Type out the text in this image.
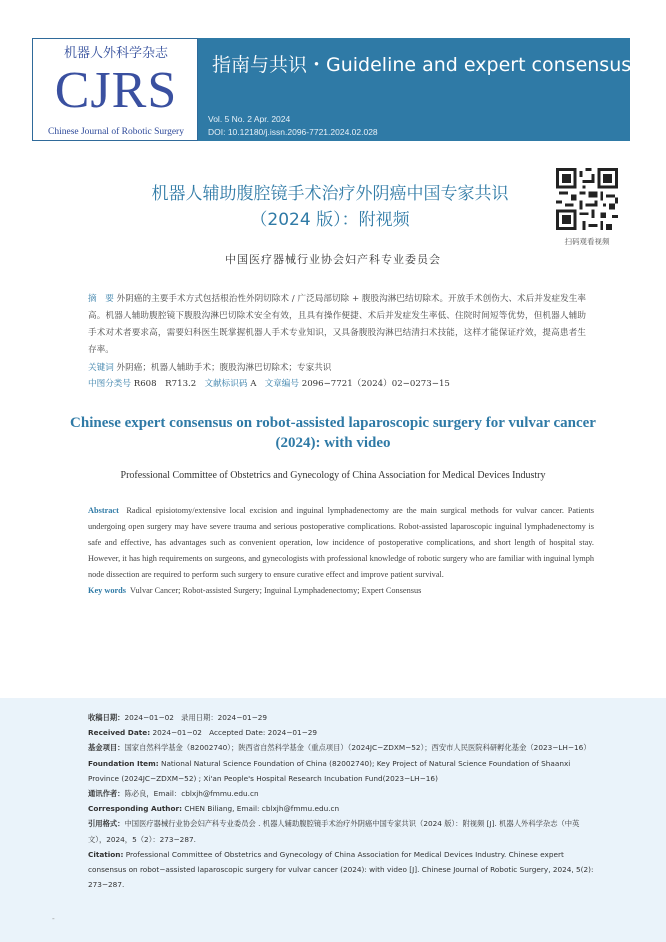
机器人外科学杂志
CJRS
Chinese Journal of Robotic Surgery
指南与共识・Guideline and expert consensus
Vol. 5 No. 2 Apr. 2024
DOI: 10.12180/j.issn.2096-7721.2024.02.028
扫码观看视频
机器人辅助腹腔镜手术治疗外阴癌中国专家共识
（2024 版）：附视频
中国医疗器械行业协会妇产科专业委员会
摘　要 外阴癌的主要手术方式包括根治性外阴切除术 / 广泛局部切除 + 腹股沟淋巴结切除术。开放手术创伤大、术后并发症发生率高。机器人辅助腹腔镜下腹股沟淋巴切除术安全有效，且具有操作便捷、术后并发症发生率低、住院时间短等优势，但机器人辅助手术对术者要求高，需要妇科医生既掌握机器人手术专业知识，又具备腹股沟淋巴结清扫术技能，这样才能保证疗效，提高患者生存率。
关键词 外阴癌；机器人辅助手术；腹股沟淋巴切除术；专家共识
中图分类号 R608　R713.2 文献标识码 A 文章编号 2096−7721（2024）02−0273−15
Chinese expert consensus on robot-assisted laparoscopic surgery for vulvar cancer (2024): with video
Professional Committee of Obstetrics and Gynecology of China Association for Medical Devices Industry
Abstract Radical episiotomy/extensive local excision and inguinal lymphadenectomy are the main surgical methods for vulvar cancer. Patients undergoing open surgery may have severe trauma and serious postoperative complications. Robot-assisted laparoscopic inguinal lymphadenectomy is safe and effective, has advantages such as convenient operation, low incidence of postoperative complications, and short length of hospital stay. However, it has high requirements on surgeons, and gynecologists with professional knowledge of robotic surgery who are familiar with inguinal lymph node dissection are required to perform such surgery to ensure curative effect and improve patient survival.
Key words Vulvar Cancer; Robot-assisted Surgery; Inguinal Lymphadenectomy; Expert Consensus
收稿日期：2024−01−02　录用日期：2024−01−29
Received Date: 2024−01−02　Accepted Date: 2024−01−29
基金项目：国家自然科学基金（82002740）；陕西省自然科学基金（重点项目）（2024JC−ZDXM−52）；西安市人民医院科研孵化基金（2023−LH−16）
Foundation Item: National Natural Science Foundation of China (82002740); Key Project of Natural Science Foundation of Shaanxi Province (2024JC−ZDXM−52) ; Xi'an People's Hospital Research Incubation Fund(2023−LH−16)
通讯作者：陈必良，Email：cblxjh@fmmu.edu.cn
Corresponding Author: CHEN Biliang, Email: cblxjh@fmmu.edu.cn
引用格式：中国医疗器械行业协会妇产科专业委员会 . 机器人辅助腹腔镜手术治疗外阴癌中国专家共识（2024 版）：附视频 [J]. 机器人外科学杂志（中英文），2024，5（2）：273−287.
Citation: Professional Committee of Obstetrics and Gynecology of China Association for Medical Devices Industry. Chinese expert consensus on robot−assisted laparoscopic surgery for vulvar cancer (2024): with video [J]. Chinese Journal of Robotic Surgery, 2024, 5(2): 273−287.
-
